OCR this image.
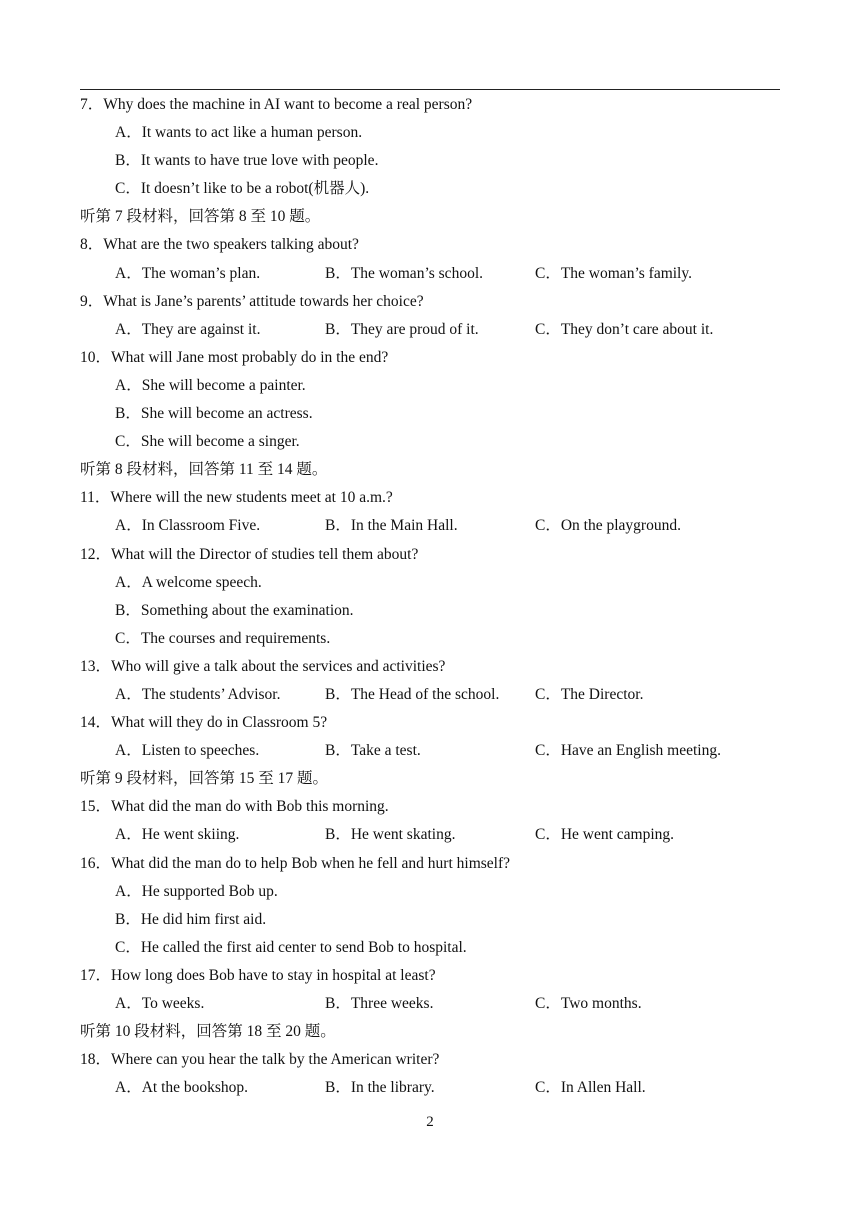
7．Why does the machine in AI want to become a real person?
A．It wants to act like a human person.
B．It wants to have true love with people.
C．It doesn’t like to be a robot(机器人).
听第 7 段材料，回答第 8 至 10 题。
8．What are the two speakers talking about?
A．The woman’s plan.	B．The woman’s school.	C．The woman’s family.
9．What is Jane’s parents’ attitude towards her choice?
A．They are against it.	B．They are proud of it.	C．They don’t care about it.
10．What will Jane most probably do in the end?
A．She will become a painter.
B．She will become an actress.
C．She will become a singer.
听第 8 段材料，回答第 11 至 14 题。
11．Where will the new students meet at 10 a.m.?
A．In Classroom Five.	B．In the Main Hall.	C．On the playground.
12．What will the Director of studies tell them about?
A．A welcome speech.
B．Something about the examination.
C．The courses and requirements.
13．Who will give a talk about the services and activities?
A．The students’ Advisor.	B．The Head of the school.	C．The Director.
14．What will they do in Classroom 5?
A．Listen to speeches.	B．Take a test.	C．Have an English meeting.
听第 9 段材料，回答第 15 至 17 题。
15．What did the man do with Bob this morning.
A．He went skiing.	B．He went skating.	C．He went camping.
16．What did the man do to help Bob when he fell and hurt himself?
A．He supported Bob up.
B．He did him first aid.
C．He called the first aid center to send Bob to hospital.
17．How long does Bob have to stay in hospital at least?
A．To weeks.	B．Three weeks.	C．Two months.
听第 10 段材料，回答第 18 至 20 题。
18．Where can you hear the talk by the American writer?
A．At the bookshop.	B．In the library.	C．In Allen Hall.
2
